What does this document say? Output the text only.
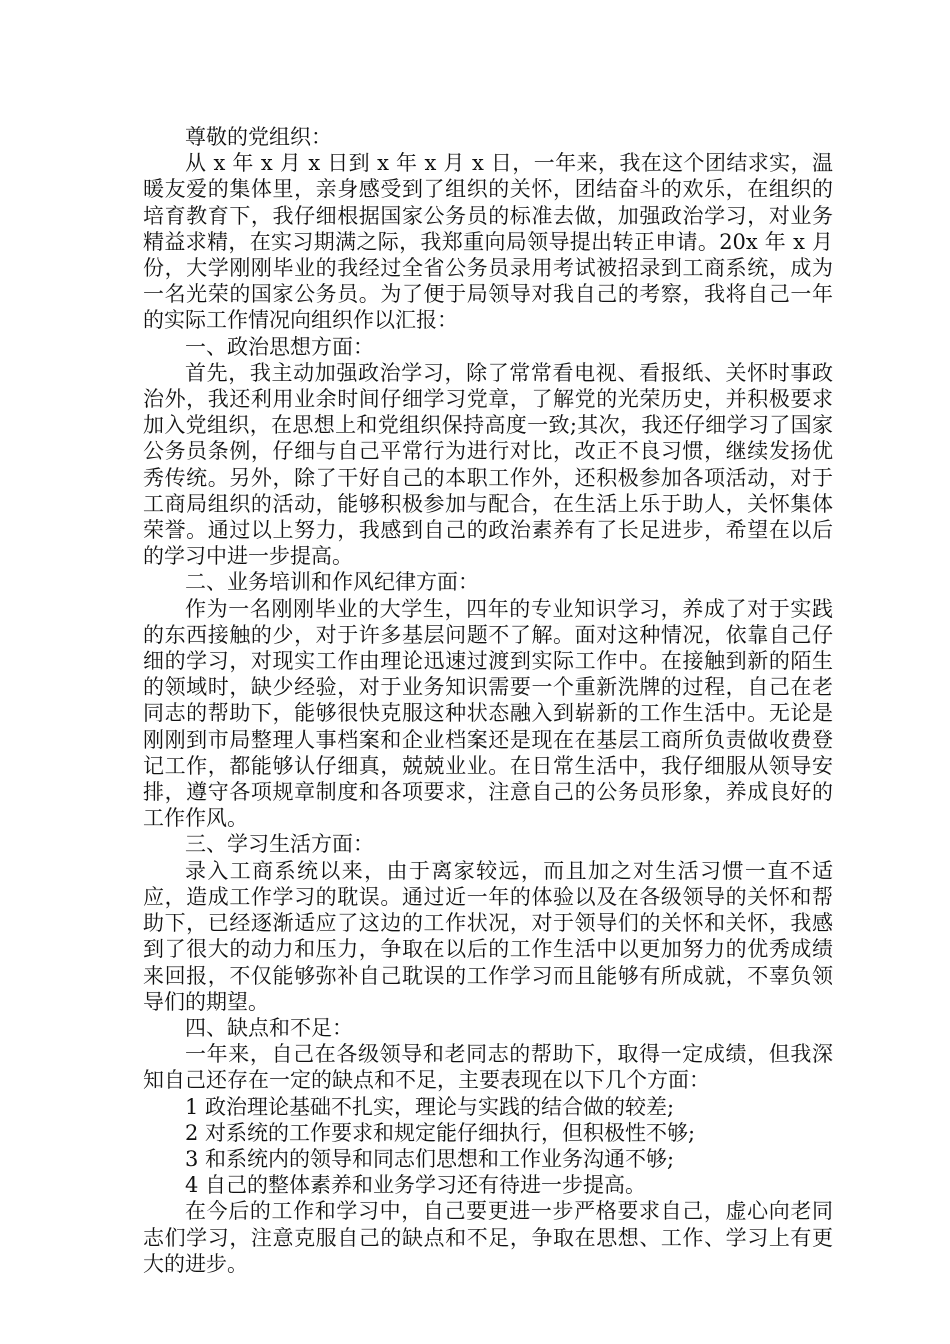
尊敬的党组织：

从 x 年 x 月 x 日到 x 年 x 月 x 日，一年来，我在这个团结求实，温暖友爱的集体里，亲身感受到了组织的关怀，团结奋斗的欢乐，在组织的培育教育下，我仔细根据国家公务员的标准去做，加强政治学习，对业务精益求精，在实习期满之际，我郑重向局领导提出转正申请。20x 年 x 月份，大学刚刚毕业的我经过全省公务员录用考试被招录到工商系统，成为一名光荣的国家公务员。为了便于局领导对我自己的考察，我将自己一年的实际工作情况向组织作以汇报：

一、政治思想方面：

首先，我主动加强政治学习，除了常常看电视、看报纸、关怀时事政治外，我还利用业余时间仔细学习党章，了解党的光荣历史，并积极要求加入党组织，在思想上和党组织保持高度一致;其次，我还仔细学习了国家公务员条例，仔细与自己平常行为进行对比，改正不良习惯，继续发扬优秀传统。另外，除了干好自己的本职工作外，还积极参加各项活动，对于工商局组织的活动，能够积极参加与配合，在生活上乐于助人，关怀集体荣誉。通过以上努力，我感到自己的政治素养有了长足进步，希望在以后的学习中进一步提高。

二、业务培训和作风纪律方面：

作为一名刚刚毕业的大学生，四年的专业知识学习，养成了对于实践的东西接触的少，对于许多基层问题不了解。面对这种情况，依靠自己仔细的学习，对现实工作由理论迅速过渡到实际工作中。在接触到新的陌生的领域时，缺少经验，对于业务知识需要一个重新洗牌的过程，自己在老同志的帮助下，能够很快克服这种状态融入到崭新的工作生活中。无论是刚刚到市局整理人事档案和企业档案还是现在在基层工商所负责做收费登记工作，都能够认仔细真，兢兢业业。在日常生活中，我仔细服从领导安排，遵守各项规章制度和各项要求，注意自己的公务员形象，养成良好的工作作风。

三、学习生活方面：

录入工商系统以来，由于离家较远，而且加之对生活习惯一直不适应，造成工作学习的耽误。通过近一年的体验以及在各级领导的关怀和帮助下，已经逐渐适应了这边的工作状况，对于领导们的关怀和关怀，我感到了很大的动力和压力，争取在以后的工作生活中以更加努力的优秀成绩来回报，不仅能够弥补自己耽误的工作学习而且能够有所成就，不辜负领导们的期望。

四、缺点和不足：

一年来，自己在各级领导和老同志的帮助下，取得一定成绩，但我深知自己还存在一定的缺点和不足，主要表现在以下几个方面：

1 政治理论基础不扎实，理论与实践的结合做的较差;

2 对系统的工作要求和规定能仔细执行，但积极性不够;

3 和系统内的领导和同志们思想和工作业务沟通不够;

4 自己的整体素养和业务学习还有待进一步提高。

在今后的工作和学习中，自己要更进一步严格要求自己，虚心向老同志们学习，注意克服自己的缺点和不足，争取在思想、工作、学习上有更大的进步。
